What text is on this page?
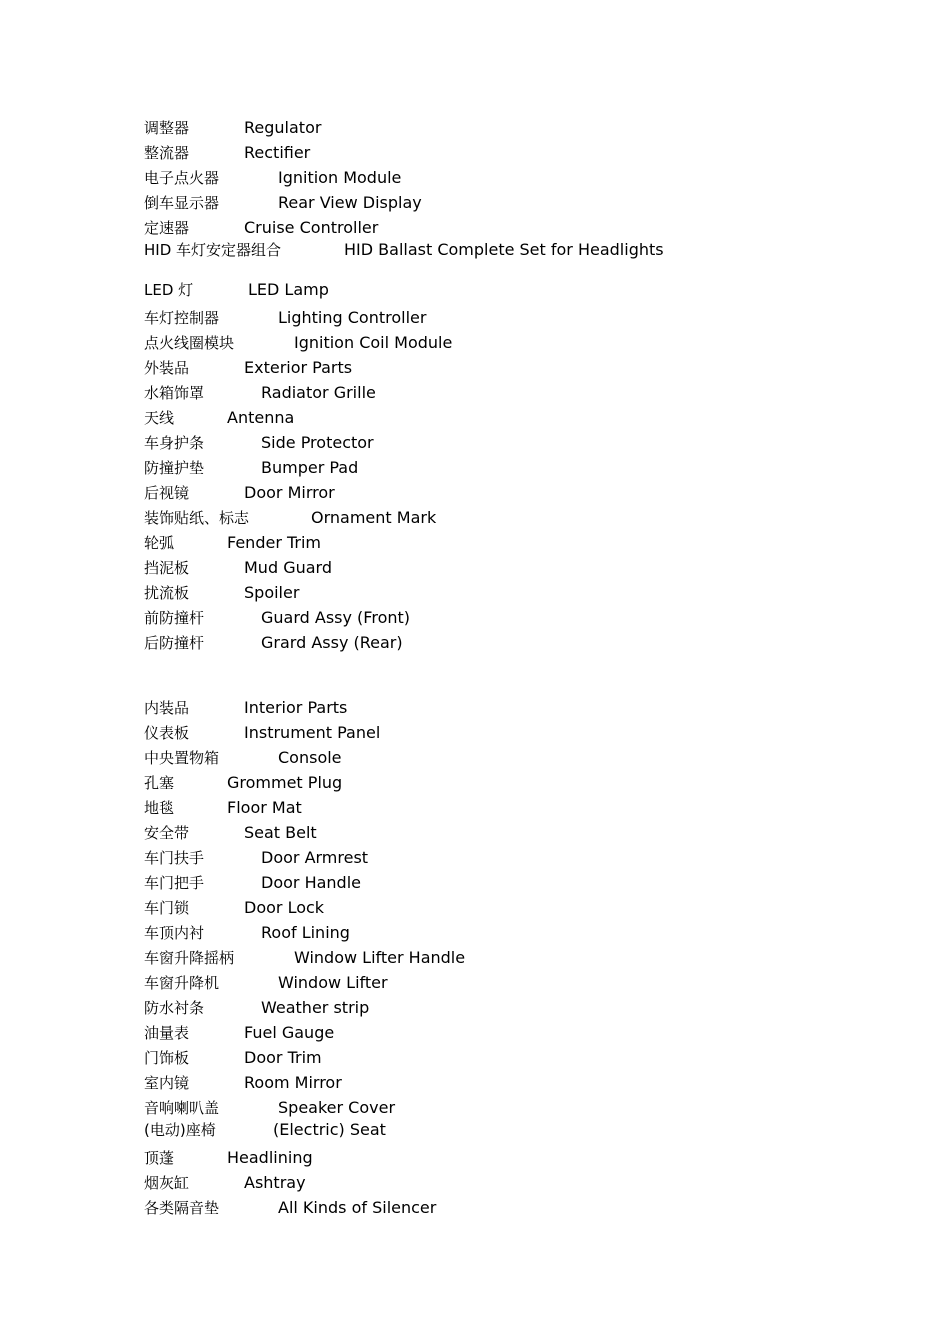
调整器	Regulator
整流器	Rectifier
电子点火器	Ignition Module
倒车显示器	Rear View Display
定速器	Cruise Controller
HID 车灯安定器组合	HID Ballast Complete Set for Headlights
LED 灯	LED Lamp
车灯控制器	Lighting Controller
点火线圈模块	Ignition Coil Module
外装品	Exterior Parts
水箱饰罩	Radiator Grille
天线	Antenna
车身护条	Side Protector
防撞护垫	Bumper Pad
后视镜	Door Mirror
装饰贴纸、标志	Ornament Mark
轮弧	Fender Trim
挡泥板	Mud Guard
扰流板	Spoiler
前防撞杆	Guard Assy (Front)
后防撞杆	Grard Assy (Rear)
内装品	Interior Parts
仪表板	Instrument Panel
中央置物箱	Console
孔塞	Grommet Plug
地毯	Floor Mat
安全带	Seat Belt
车门扶手	Door Armrest
车门把手	Door Handle
车门锁	Door Lock
车顶内衬	Roof Lining
车窗升降摇柄	Window Lifter Handle
车窗升降机	Window Lifter
防水衬条	Weather strip
油量表	Fuel Gauge
门饰板	Door Trim
室内镜	Room Mirror
音响喇叭盖	Speaker Cover
(电动)座椅	(Electric) Seat
顶蓬	Headlining
烟灰缸	Ashtray
各类隔音垫	All Kinds of Silencer
